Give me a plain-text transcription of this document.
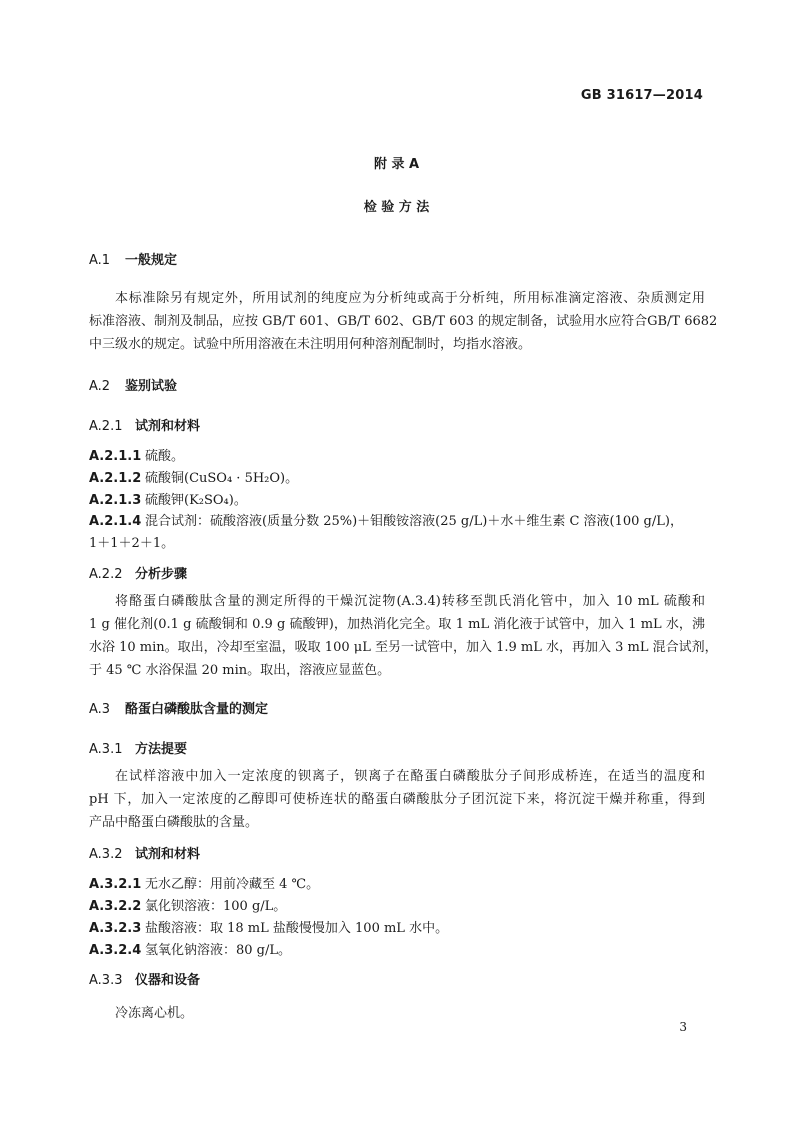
GB 31617—2014
附 录 A
检 验 方 法
A.1 一般规定
本标准除另有规定外，所用试剂的纯度应为分析纯或高于分析纯，所用标准滴定溶液、杂质测定用
标准溶液、制剂及制品，应按 GB/T 601、GB/T 602、GB/T 603 的规定制备，试验用水应符合GB/T 6682
中三级水的规定。试验中所用溶液在未注明用何种溶剂配制时，均指水溶液。
A.2 鉴别试验
A.2.1 试剂和材料
A.2.1.1 硫酸。
A.2.1.2 硫酸铜(CuSO₄ · 5H₂O)。
A.2.1.3 硫酸钾(K₂SO₄)。
A.2.1.4 混合试剂：硫酸溶液(质量分数 25%)＋钼酸铵溶液(25 g/L)＋水＋维生素 C 溶液(100 g/L)，
1＋1＋2＋1。
A.2.2 分析步骤
将酪蛋白磷酸肽含量的测定所得的干燥沉淀物(A.3.4)转移至凯氏消化管中，加入 10 mL 硫酸和
1 g 催化剂(0.1 g 硫酸铜和 0.9 g 硫酸钾)，加热消化完全。取 1 mL 消化液于试管中，加入 1 mL 水，沸
水浴 10 min。取出，冷却至室温，吸取 100 μL 至另一试管中，加入 1.9 mL 水，再加入 3 mL 混合试剂，
于 45 ℃ 水浴保温 20 min。取出，溶液应显蓝色。
A.3 酪蛋白磷酸肽含量的测定
A.3.1 方法提要
在试样溶液中加入一定浓度的钡离子，钡离子在酪蛋白磷酸肽分子间形成桥连，在适当的温度和
pH 下，加入一定浓度的乙醇即可使桥连状的酪蛋白磷酸肽分子团沉淀下来，将沉淀干燥并称重，得到
产品中酪蛋白磷酸肽的含量。
A.3.2 试剂和材料
A.3.2.1 无水乙醇：用前冷藏至 4 ℃。
A.3.2.2 氯化钡溶液：100 g/L。
A.3.2.3 盐酸溶液：取 18 mL 盐酸慢慢加入 100 mL 水中。
A.3.2.4 氢氧化钠溶液：80 g/L。
A.3.3 仪器和设备
冷冻离心机。
3
